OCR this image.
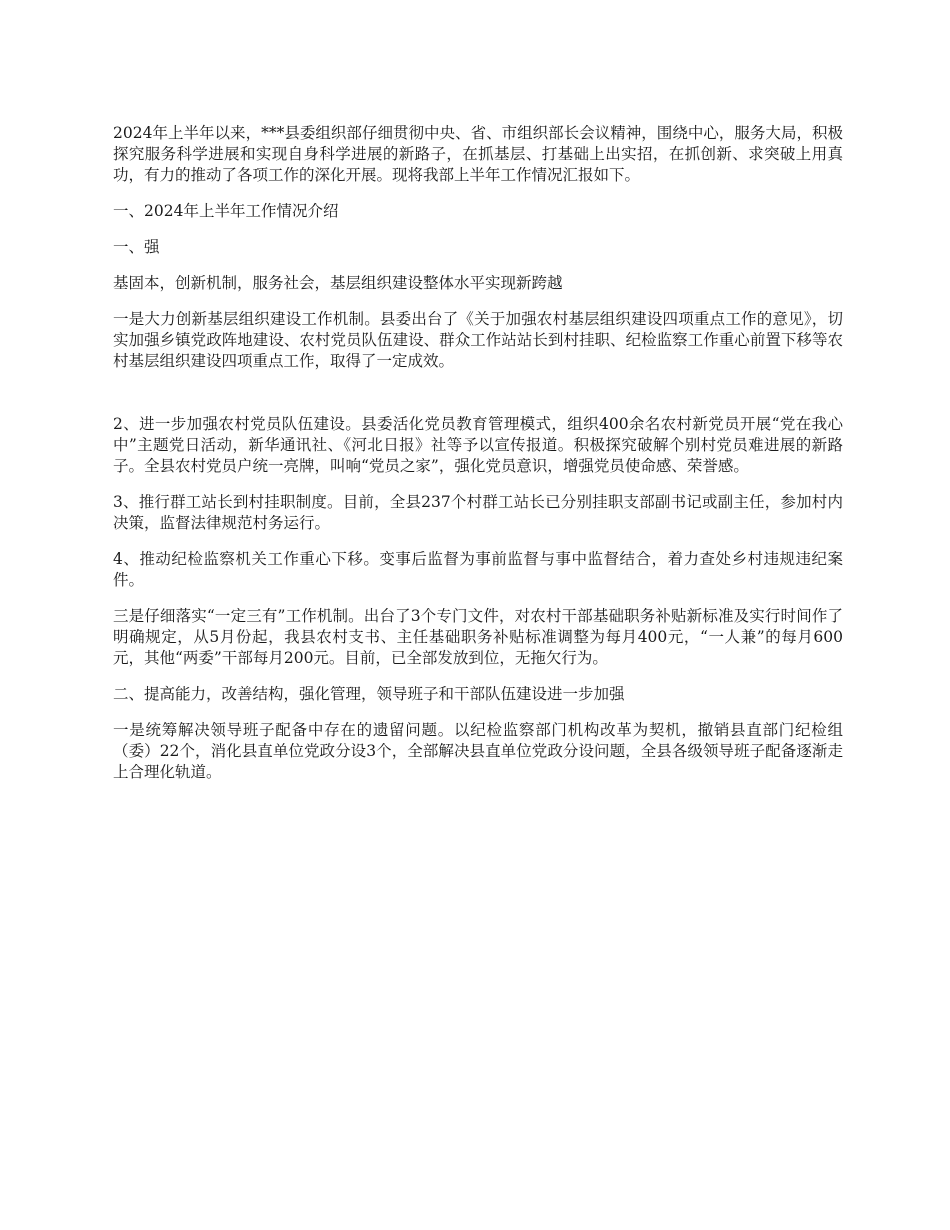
2024年上半年以来，***县委组织部仔细贯彻中央、省、市组织部长会议精神，围绕中心，服务大局，积极探究服务科学进展和实现自身科学进展的新路子，在抓基层、打基础上出实招，在抓创新、求突破上用真功，有力的推动了各项工作的深化开展。现将我部上半年工作情况汇报如下。

一、2024年上半年工作情况介绍

一、强

基固本，创新机制，服务社会，基层组织建设整体水平实现新跨越

一是大力创新基层组织建设工作机制。县委出台了《关于加强农村基层组织建设四项重点工作的意见》，切实加强乡镇党政阵地建设、农村党员队伍建设、群众工作站站长到村挂职、纪检监察工作重心前置下移等农村基层组织建设四项重点工作，取得了一定成效。

2、进一步加强农村党员队伍建设。县委活化党员教育管理模式，组织400余名农村新党员开展“党在我心中”主题党日活动，新华通讯社、《河北日报》社等予以宣传报道。积极探究破解个别村党员难进展的新路子。全县农村党员户统一亮牌，叫响“党员之家”，强化党员意识，增强党员使命感、荣誉感。

3、推行群工站长到村挂职制度。目前，全县237个村群工站长已分别挂职支部副书记或副主任，参加村内决策，监督法律规范村务运行。

4、推动纪检监察机关工作重心下移。变事后监督为事前监督与事中监督结合，着力查处乡村违规违纪案件。

三是仔细落实“一定三有”工作机制。出台了3个专门文件，对农村干部基础职务补贴新标准及实行时间作了明确规定，从5月份起，我县农村支书、主任基础职务补贴标准调整为每月400元，“一人兼”的每月600元，其他“两委”干部每月200元。目前，已全部发放到位，无拖欠行为。

二、提高能力，改善结构，强化管理，领导班子和干部队伍建设进一步加强

一是统筹解决领导班子配备中存在的遗留问题。以纪检监察部门机构改革为契机，撤销县直部门纪检组（委）22个，消化县直单位党政分设3个，全部解决县直单位党政分设问题，全县各级领导班子配备逐渐走上合理化轨道。
